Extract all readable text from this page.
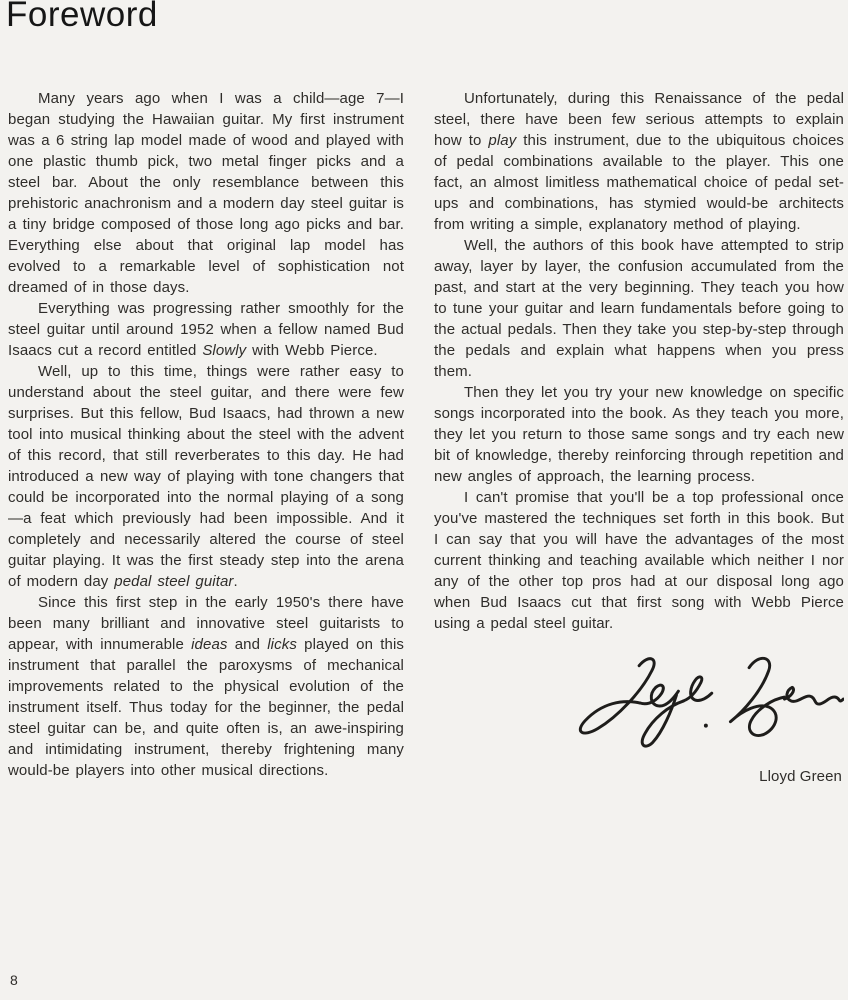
Foreword

Many years ago when I was a child—age 7—I began studying the Hawaiian guitar. My first instrument was a 6 string lap model made of wood and played with one plastic thumb pick, two metal finger picks and a steel bar. About the only resemblance between this prehistoric anachronism and a modern day steel guitar is a tiny bridge composed of those long ago picks and bar. Everything else about that original lap model has evolved to a remarkable level of sophistication not dreamed of in those days.

Everything was progressing rather smoothly for the steel guitar until around 1952 when a fellow named Bud Isaacs cut a record entitled Slowly with Webb Pierce.

Well, up to this time, things were rather easy to understand about the steel guitar, and there were few surprises. But this fellow, Bud Isaacs, had thrown a new tool into musical thinking about the steel with the advent of this record, that still reverberates to this day. He had introduced a new way of playing with tone changers that could be incorporated into the normal playing of a song—a feat which previously had been impossible. And it completely and necessarily altered the course of steel guitar playing. It was the first steady step into the arena of modern day pedal steel guitar.

Since this first step in the early 1950's there have been many brilliant and innovative steel guitarists to appear, with innumerable ideas and licks played on this instrument that parallel the paroxysms of mechanical improvements related to the physical evolution of the instrument itself. Thus today for the beginner, the pedal steel guitar can be, and quite often is, an awe-inspiring and intimidating instrument, thereby frightening many would-be players into other musical directions.

Unfortunately, during this Renaissance of the pedal steel, there have been few serious attempts to explain how to play this instrument, due to the ubiquitous choices of pedal combinations available to the player. This one fact, an almost limitless mathematical choice of pedal set-ups and combinations, has stymied would-be architects from writing a simple, explanatory method of playing.

Well, the authors of this book have attempted to strip away, layer by layer, the confusion accumulated from the past, and start at the very beginning. They teach you how to tune your guitar and learn fundamentals before going to the actual pedals. Then they take you step-by-step through the pedals and explain what happens when you press them.

Then they let you try your new knowledge on specific songs incorporated into the book. As they teach you more, they let you return to those same songs and try each new bit of knowledge, thereby reinforcing through repetition and new angles of approach, the learning process.

I can't promise that you'll be a top professional once you've mastered the techniques set forth in this book. But I can say that you will have the advantages of the most current thinking and teaching available which neither I nor any of the other top pros had at our disposal long ago when Bud Isaacs cut that first song with Webb Pierce using a pedal steel guitar.

Lloyd Green
8
